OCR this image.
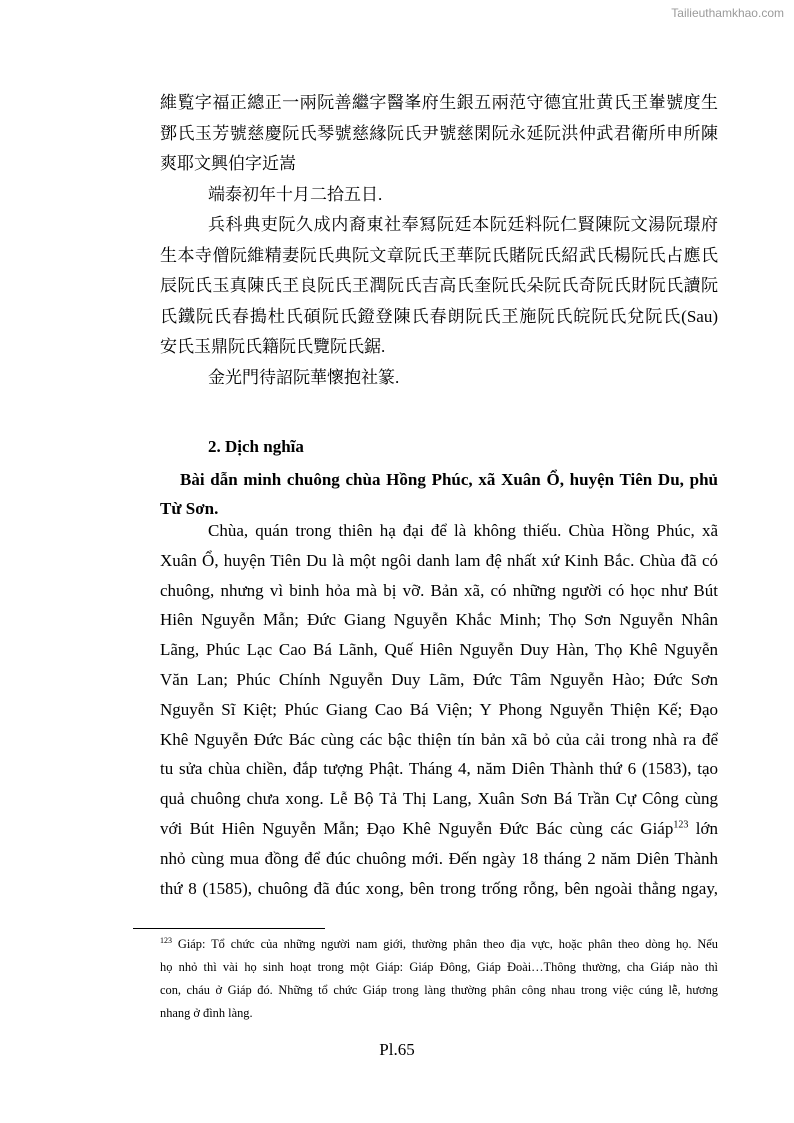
Tailieuthamkhao.com
維覧字福正總正一兩阮善繼字醫峯府生銀五兩范守德宜壯黄氏玊輋號度生
鄧氏玉芳號慈慶阮氏琴號慈緣阮氏尹號慈閑阮永延阮洪仲武君衛所申所陳
爽耶文興伯字近嵩
端泰初年十月二拾五日.
兵科典吏阮久成内裔東社奉冩阮廷本阮廷料阮仁賢陳阮文湯阮璟府
生本寺僧阮維精妻阮氏典阮文章阮氏玊華阮氏賭阮氏紹武氏楊阮氏占應氏
辰阮氏玉真陳氏玊良阮氏玊潤阮氏吉高氏奎阮氏朵阮氏奇阮氏財阮氏讀阮
氏鐵阮氏春搗杜氏碩阮氏鐙登陳氏春朗阮氏玊施阮氏皖阮氏兌阮氏(Sau)
安氏玉鼎阮氏籍阮氏覽阮氏鋸.
金光門待詔阮華懷抱社篆.
2. Dịch nghĩa
Bài dẫn minh chuông chùa Hồng Phúc, xã Xuân Ổ, huyện Tiên Du, phủ
Từ Sơn.
Chùa, quán trong thiên hạ đại để là không thiếu. Chùa Hồng Phúc, xã
Xuân Ổ, huyện Tiên Du là một ngôi danh lam đệ nhất xứ Kinh Bắc. Chùa đã có
chuông, nhưng vì binh hỏa mà bị vỡ. Bản xã, có những người có học như Bút
Hiên Nguyễn Mẫn; Đức Giang Nguyễn Khắc Minh; Thọ Sơn Nguyễn Nhân
Lãng, Phúc Lạc Cao Bá Lãnh, Quế Hiên Nguyễn Duy Hàn, Thọ Khê Nguyễn
Văn Lan; Phúc Chính Nguyễn Duy Lãm, Đức Tâm Nguyễn Hào; Đức Sơn
Nguyễn Sĩ Kiệt; Phúc Giang Cao Bá Viện; Y Phong Nguyễn Thiện Kế; Đạo
Khê Nguyễn Đức Bác cùng các bậc thiện tín bản xã bỏ của cải trong nhà ra để
tu sửa chùa chiền, đắp tượng Phật. Tháng 4, năm Diên Thành thứ 6 (1583), tạo
quả chuông chưa xong. Lễ Bộ Tả Thị Lang, Xuân Sơn Bá Trần Cự Công cùng
với Bút Hiên Nguyễn Mẫn; Đạo Khê Nguyễn Đức Bác cùng các Giáp$^{123}$ lớn
nhỏ cùng mua đồng để đúc chuông mới. Đến ngày 18 tháng 2 năm Diên Thành
thứ 8 (1585), chuông đã đúc xong, bên trong trống rỗng, bên ngoài thẳng ngay,
$^{123}$ Giáp: Tổ chức của những người nam giới, thường phân theo địa vực, hoặc phân theo dòng họ. Nếu
họ nhỏ thì vài họ sinh hoạt trong một Giáp: Giáp Đông, Giáp Đoài…Thông thường, cha Giáp nào thì
con, cháu ở Giáp đó. Những tổ chức Giáp trong làng thường phân công nhau trong việc cúng lễ, hương
nhang ở đình làng.
Pl.65
